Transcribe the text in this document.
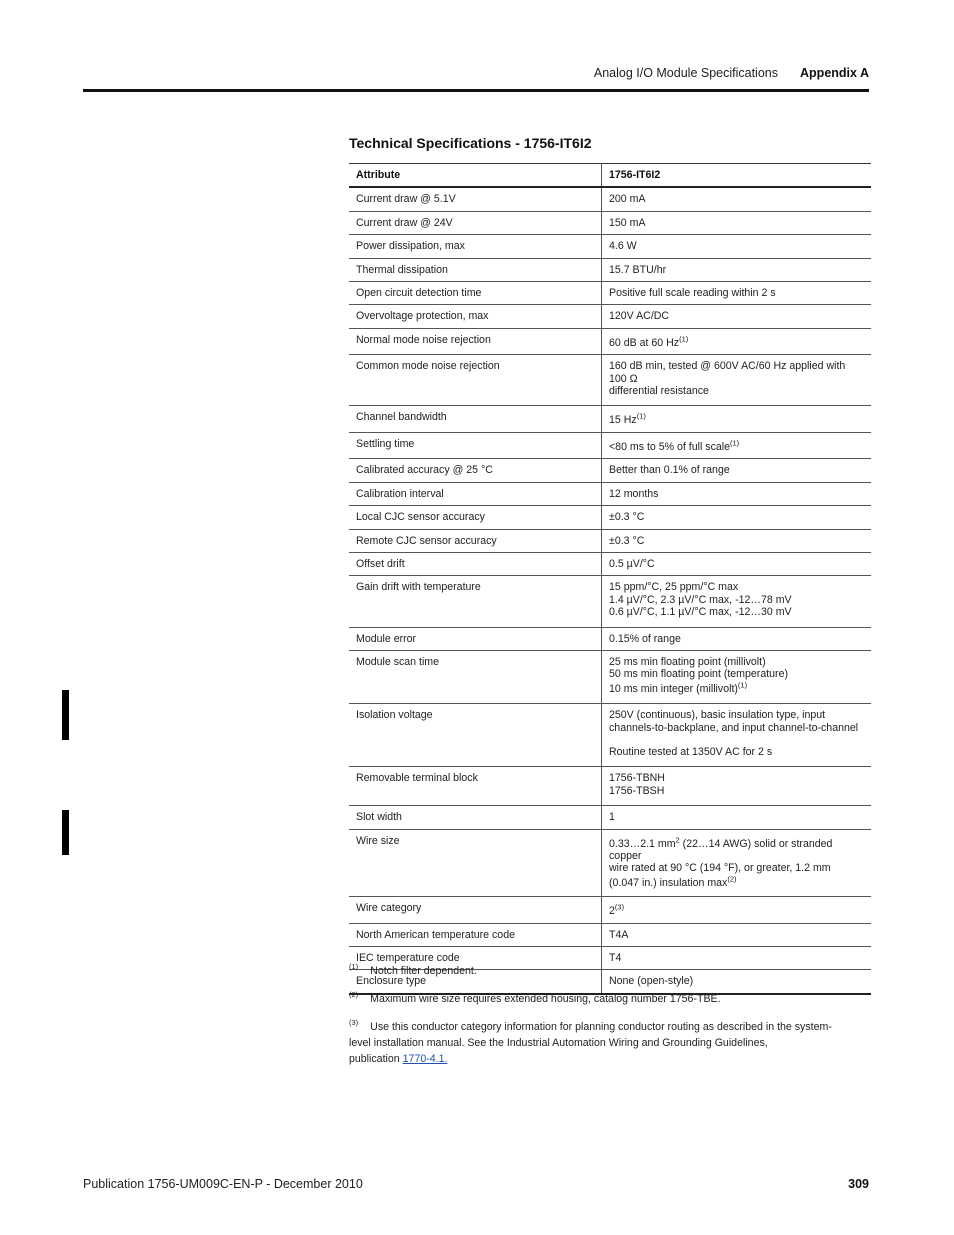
Analog I/O Module Specifications Appendix A
Technical Specifications - 1756-IT6I2
Attribute	1756-IT6I2
Current draw @ 5.1V	200 mA
Current draw @ 24V	150 mA
Power dissipation, max	4.6 W
Thermal dissipation	15.7 BTU/hr
Open circuit detection time	Positive full scale reading within 2 s
Overvoltage protection, max	120V AC/DC
Normal mode noise rejection	60 dB at 60 Hz$^{(1)}$
Common mode noise rejection	160 dB min, tested @ 600V AC/60 Hz applied with 100 Ω
differential resistance

Channel bandwidth	15 Hz$^{(1)}$
Settling time	<80 ms to 5% of full scale$^{(1)}$
Calibrated accuracy @ 25 °C	Better than 0.1% of range
Calibration interval	12 months
Local CJC sensor accuracy	±0.3 °C
Remote CJC sensor accuracy	±0.3 °C
Offset drift	0.5 µV/°C
Gain drift with temperature	15 ppm/°C, 25 ppm/°C max
1.4 µV/°C, 2.3 µV/°C max, -12…78 mV
0.6 µV/°C, 1.1 µV/°C max, -12…30 mV

Module error	0.15% of range
Module scan time	25 ms min floating point (millivolt)
50 ms min floating point (temperature)
10 ms min integer (millivolt)$^{(1)}$

Isolation voltage	250V (continuous), basic insulation type, input
channels-to-backplane, and input channel-to-channel
Routine tested at 1350V AC for 2 s

Removable terminal block	1756-TBNH
1756-TBSH

Slot width	1
Wire size	0.33…2.1 $mm^2$ (22…14 AWG) solid or stranded copper
wire rated at 90 °C (194 °F), or greater, 1.2 mm
(0.047 in.) insulation $\max^{(2)}$

Wire category	2$^{(3)}$
North American temperature code	T4A
IEC temperature code	T4
Enclosure type	None (open-style)
$^{(1)}$ Notch filter dependent.
$^{(2)}$ Maximum wire size requires extended housing, catalog number 1756-TBE.
$^{(3)}$ Use this conductor category information for planning conductor routing as described in the system-level installation manual. See the Industrial Automation Wiring and Grounding Guidelines, publication 1770-4.1.
Publication 1756-UM009C-EN-P - December 2010	309
